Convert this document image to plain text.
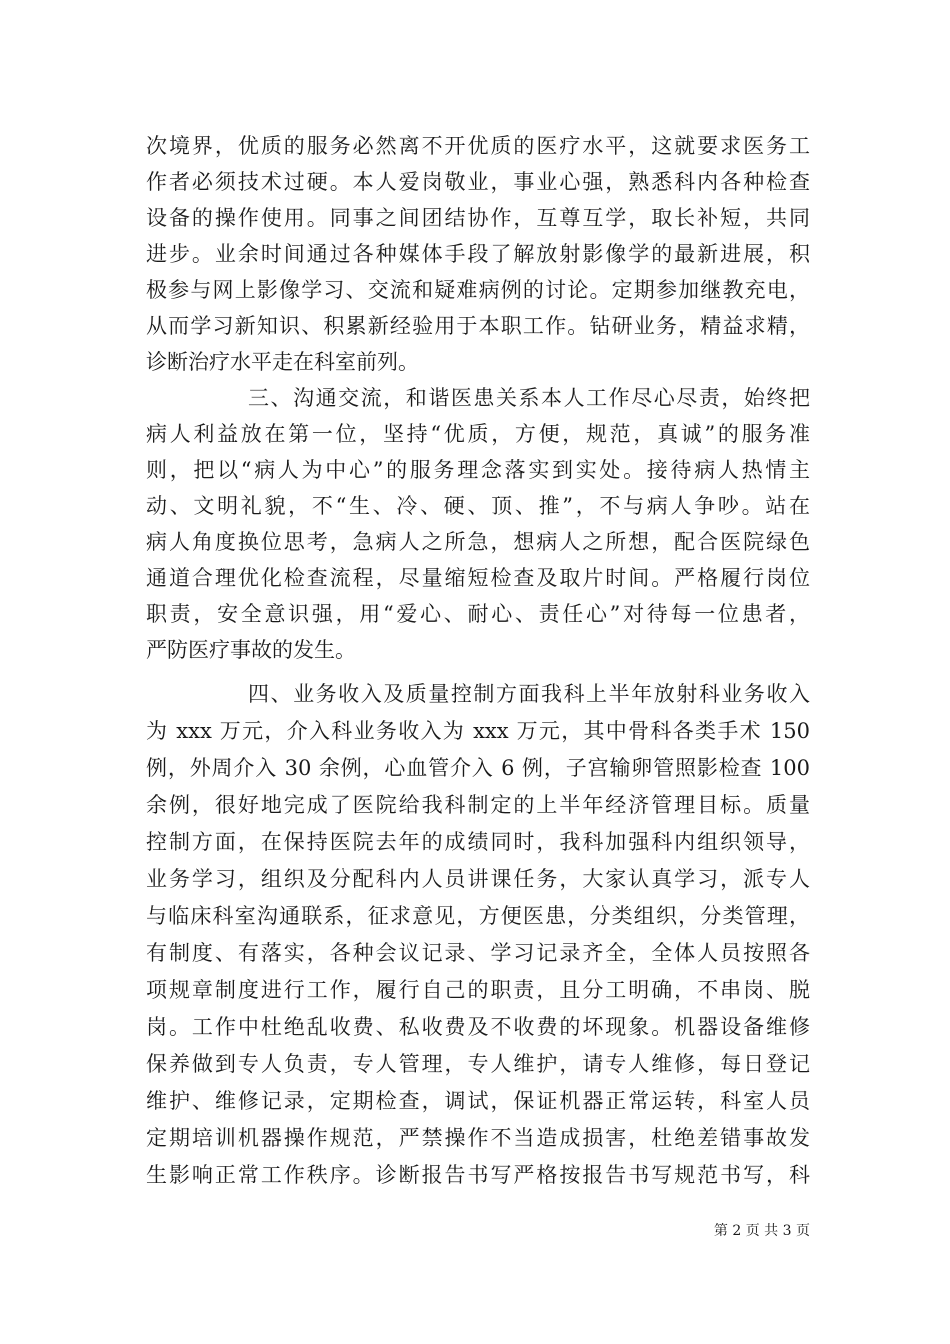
次境界，优质的服务必然离不开优质的医疗水平，这就要求医务工
作者必须技术过硬。本人爱岗敬业，事业心强，熟悉科内各种检查
设备的操作使用。同事之间团结协作，互尊互学，取长补短，共同
进步。业余时间通过各种媒体手段了解放射影像学的最新进展，积
极参与网上影像学习、交流和疑难病例的讨论。定期参加继教充电，
从而学习新知识、积累新经验用于本职工作。钻研业务，精益求精，
诊断治疗水平走在科室前列。
三、沟通交流，和谐医患关系本人工作尽心尽责，始终把
病人利益放在第一位，坚持“优质，方便，规范，真诚”的服务准
则，把以“病人为中心”的服务理念落实到实处。接待病人热情主
动、文明礼貌，不“生、冷、硬、顶、推”，不与病人争吵。站在
病人角度换位思考，急病人之所急，想病人之所想，配合医院绿色
通道合理优化检查流程，尽量缩短检查及取片时间。严格履行岗位
职责，安全意识强，用“爱心、耐心、责任心”对待每一位患者，
严防医疗事故的发生。
四、业务收入及质量控制方面我科上半年放射科业务收入
为 xxx 万元，介入科业务收入为 xxx 万元，其中骨科各类手术 150
例，外周介入 30 余例，心血管介入 6 例，子宫输卵管照影检查 100
余例，很好地完成了医院给我科制定的上半年经济管理目标。质量
控制方面，在保持医院去年的成绩同时，我科加强科内组织领导，
业务学习，组织及分配科内人员讲课任务，大家认真学习，派专人
与临床科室沟通联系，征求意见，方便医患，分类组织，分类管理，
有制度、有落实，各种会议记录、学习记录齐全，全体人员按照各
项规章制度进行工作，履行自己的职责，且分工明确，不串岗、脱
岗。工作中杜绝乱收费、私收费及不收费的坏现象。机器设备维修
保养做到专人负责，专人管理，专人维护，请专人维修，每日登记
维护、维修记录，定期检查，调试，保证机器正常运转，科室人员
定期培训机器操作规范，严禁操作不当造成损害，杜绝差错事故发
生影响正常工作秩序。诊断报告书写严格按报告书写规范书写，科
第 2 页 共 3 页
